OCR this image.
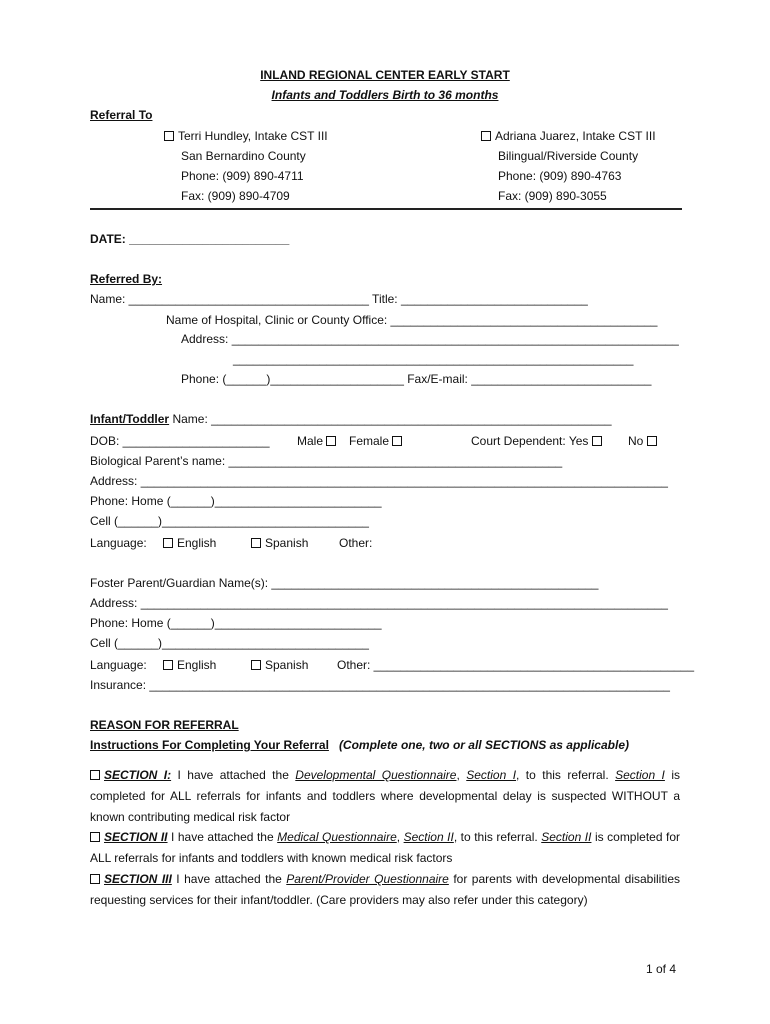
INLAND REGIONAL CENTER EARLY START
Infants and Toddlers Birth to 36 months
Referral To
Terri Hundley, Intake CST III
San Bernardino County
Phone: (909) 890-4711
Fax: (909) 890-4709
Adriana Juarez, Intake CST III
Bilingual/Riverside County
Phone: (909) 890-4763
Fax: (909) 890-3055
DATE: ________________________
Referred By:
Name: ____________________________________ Title: ____________________________
Name of Hospital, Clinic or County Office: ________________________________________
Address: ___________________________________________________________________
____________________________________________________________
Phone: (______)____________________ Fax/E-mail: ___________________________
Infant/Toddler Name: ____________________________________________________________
DOB: ______________________ Male	Female	Court Dependent: Yes	No
Biological Parent’s name: __________________________________________________
Address: _______________________________________________________________________________
Phone: Home (______)_________________________
Cell (______)_______________________________
Language:	English	Spanish	Other:
Foster Parent/Guardian Name(s): _________________________________________________
Address: _______________________________________________________________________________
Phone: Home (______)_________________________
Cell (______)_______________________________
Language:	English	Spanish Other: ________________________________________________
Insurance: ______________________________________________________________________________
REASON FOR REFERRAL
Instructions For Completing Your Referral (Complete one, two or all SECTIONS as applicable)
SECTION I: I have attached the Developmental Questionnaire, Section I, to this referral. Section I is completed for ALL referrals for infants and toddlers where developmental delay is suspected WITHOUT a known contributing medical risk factor
SECTION II I have attached the Medical Questionnaire, Section II, to this referral. Section II is completed for ALL referrals for infants and toddlers with known medical risk factors
SECTION III I have attached the Parent/Provider Questionnaire for parents with developmental disabilities requesting services for their infant/toddler. (Care providers may also refer under this category)
1 of 4
